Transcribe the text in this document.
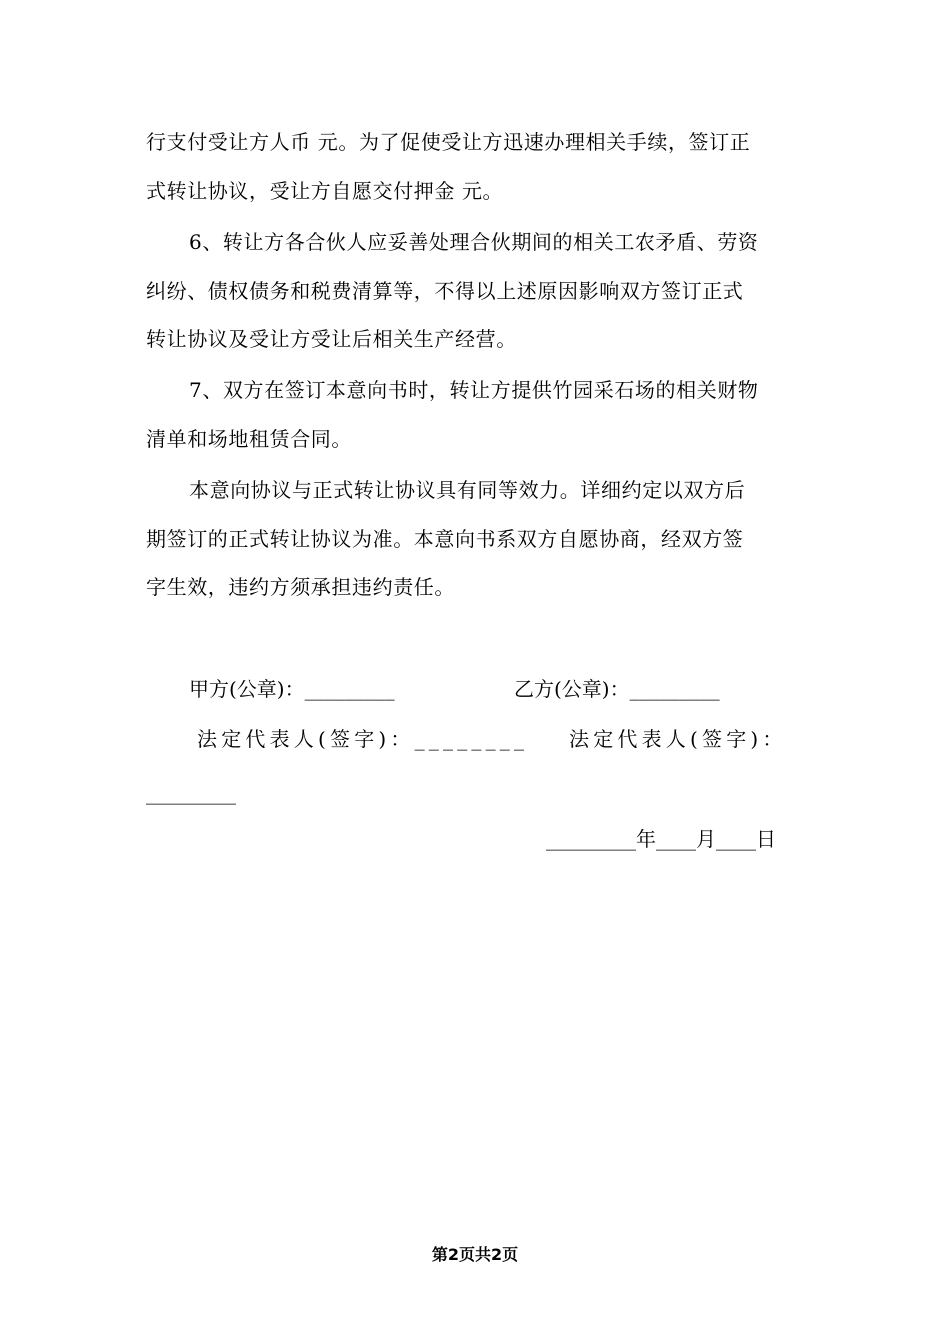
行支付受让方人币 元。为了促使受让方迅速办理相关手续，签订正
式转让协议，受让方自愿交付押金 元。

6、转让方各合伙人应妥善处理合伙期间的相关工农矛盾、劳资
纠纷、债权债务和税费清算等，不得以上述原因影响双方签订正式
转让协议及受让方受让后相关生产经营。

7、双方在签订本意向书时，转让方提供竹园采石场的相关财物
清单和场地租赁合同。

本意向协议与正式转让协议具有同等效力。详细约定以双方后
期签订的正式转让协议为准。本意向书系双方自愿协商，经双方签
字生效，违约方须承担违约责任。

甲方(公章)：_________	乙方(公章)：_________
法定代表人(签字)：________ 法定代表人(签字)：
_________
_________年____月____日
第2页共2页
